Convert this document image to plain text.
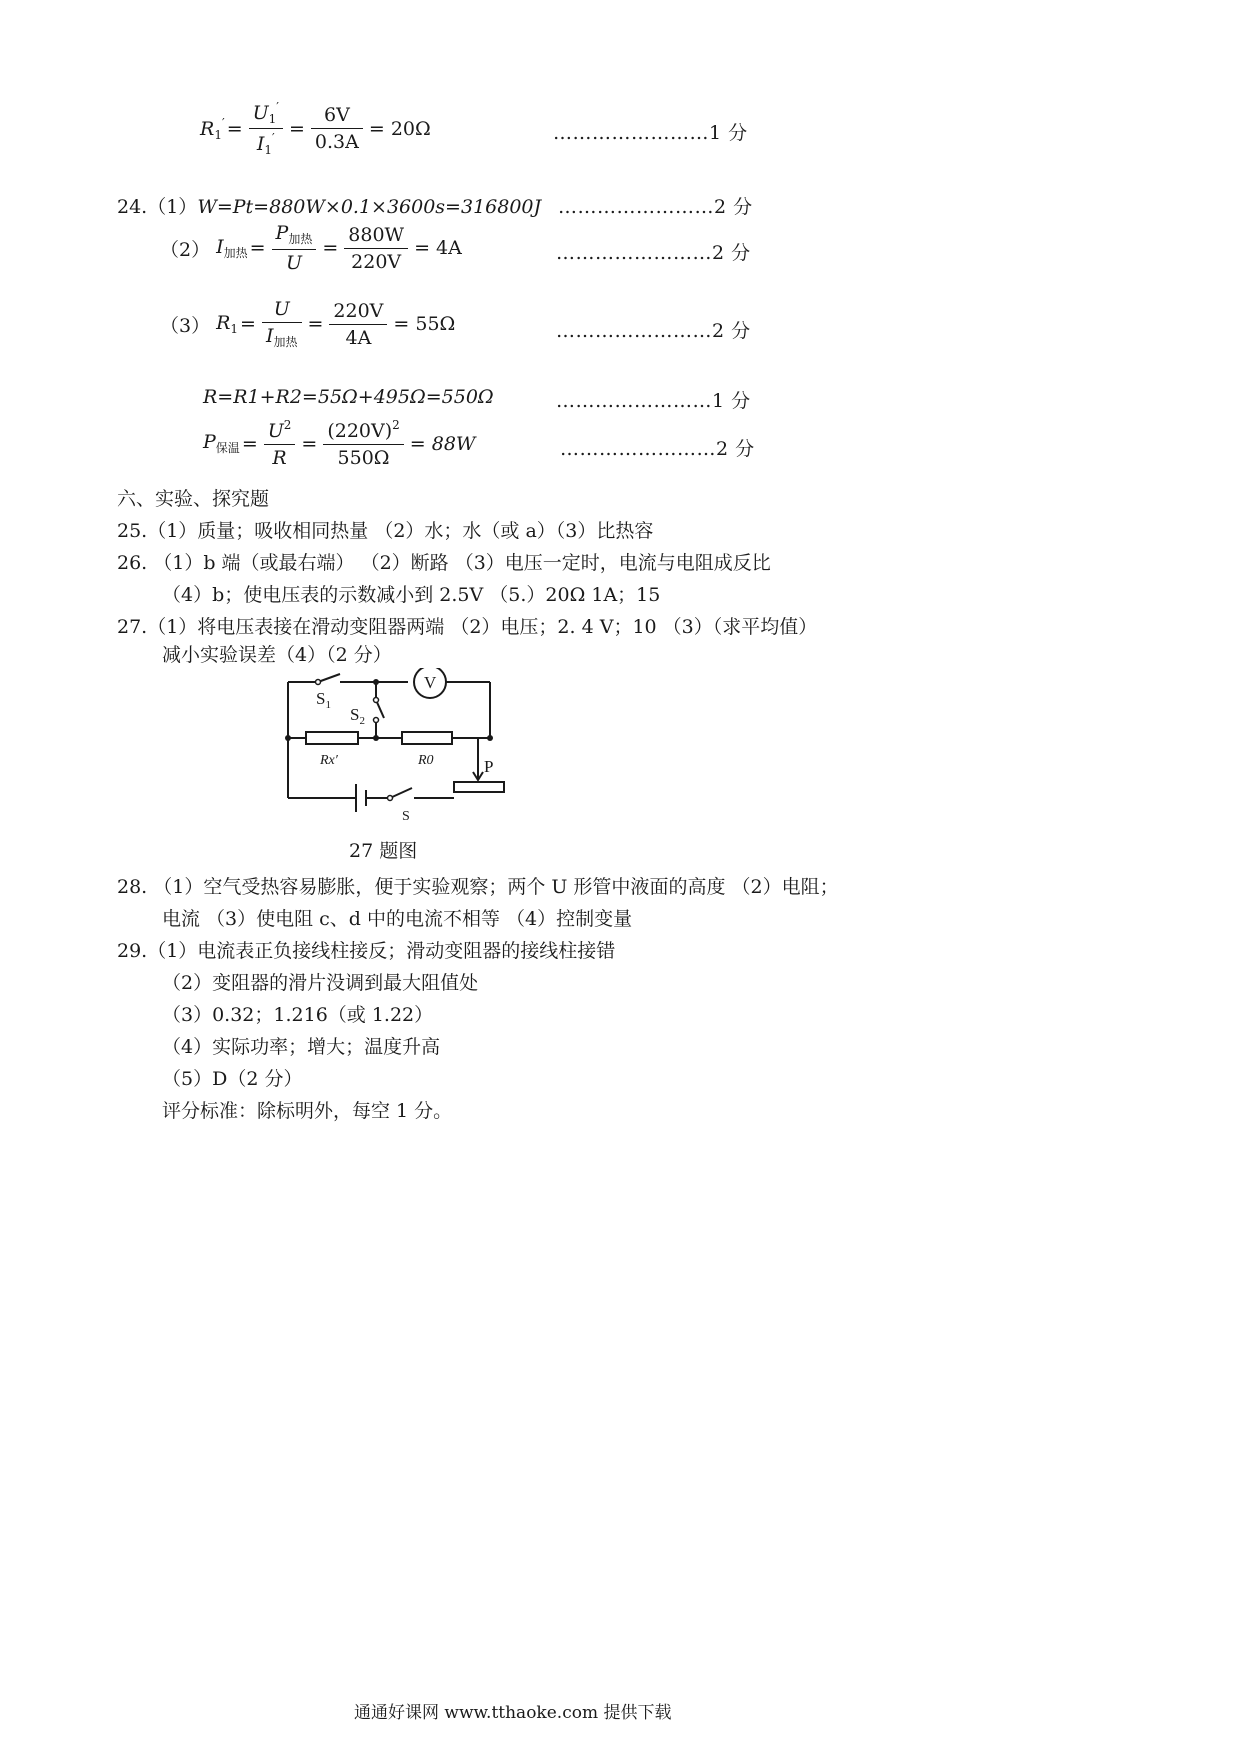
$R_1' = \frac{U_1'}{I_1'} = \frac{6V}{0.3A} = 20\Omega$	……………………1 分
24.（1）W=Pt=880W×0.1×3600s=316800J ……………………2 分
（2） $I_{加热} = \frac{P_{加热}}{U} = \frac{880W}{220V} = 4A$	……………………2 分
（3） $R_1 = \frac{U}{I_{加热}} = \frac{220V}{4A} = 55\Omega$	……………………2 分
R=R1+R2=55Ω+495Ω=550Ω	……………………1 分
$P_{保温} = \frac{U^2}{R} = \frac{(220V)^2}{550\Omega} = 88W$	……………………2 分
六、实验、探究题
25.（1）质量；吸收相同热量 （2）水；水（或 a）（3）比热容
26. （1）b 端（或最右端） （2）断路 （3）电压一定时，电流与电阻成反比
（4）b；使电压表的示数减小到 2.5V （5.）20Ω 1A；15
27.（1）将电压表接在滑动变阻器两端 （2）电压；2. 4 V；10 （3）（求平均值）
减小实验误差（4）（2 分）
$S_1$ $S_2$
V
Rx′	R0	P
S
27 题图
28. （1）空气受热容易膨胀，便于实验观察；两个 U 形管中液面的高度 （2）电阻；
电流 （3）使电阻 c、d 中的电流不相等 （4）控制变量
29.（1）电流表正负接线柱接反；滑动变阻器的接线柱接错
（2）变阻器的滑片没调到最大阻值处
（3）0.32；1.216（或 1.22）
（4）实际功率；增大；温度升高
（5）D（2 分）
评分标准：除标明外，每空 1 分。
通通好课网 www.tthaoke.com 提供下载
